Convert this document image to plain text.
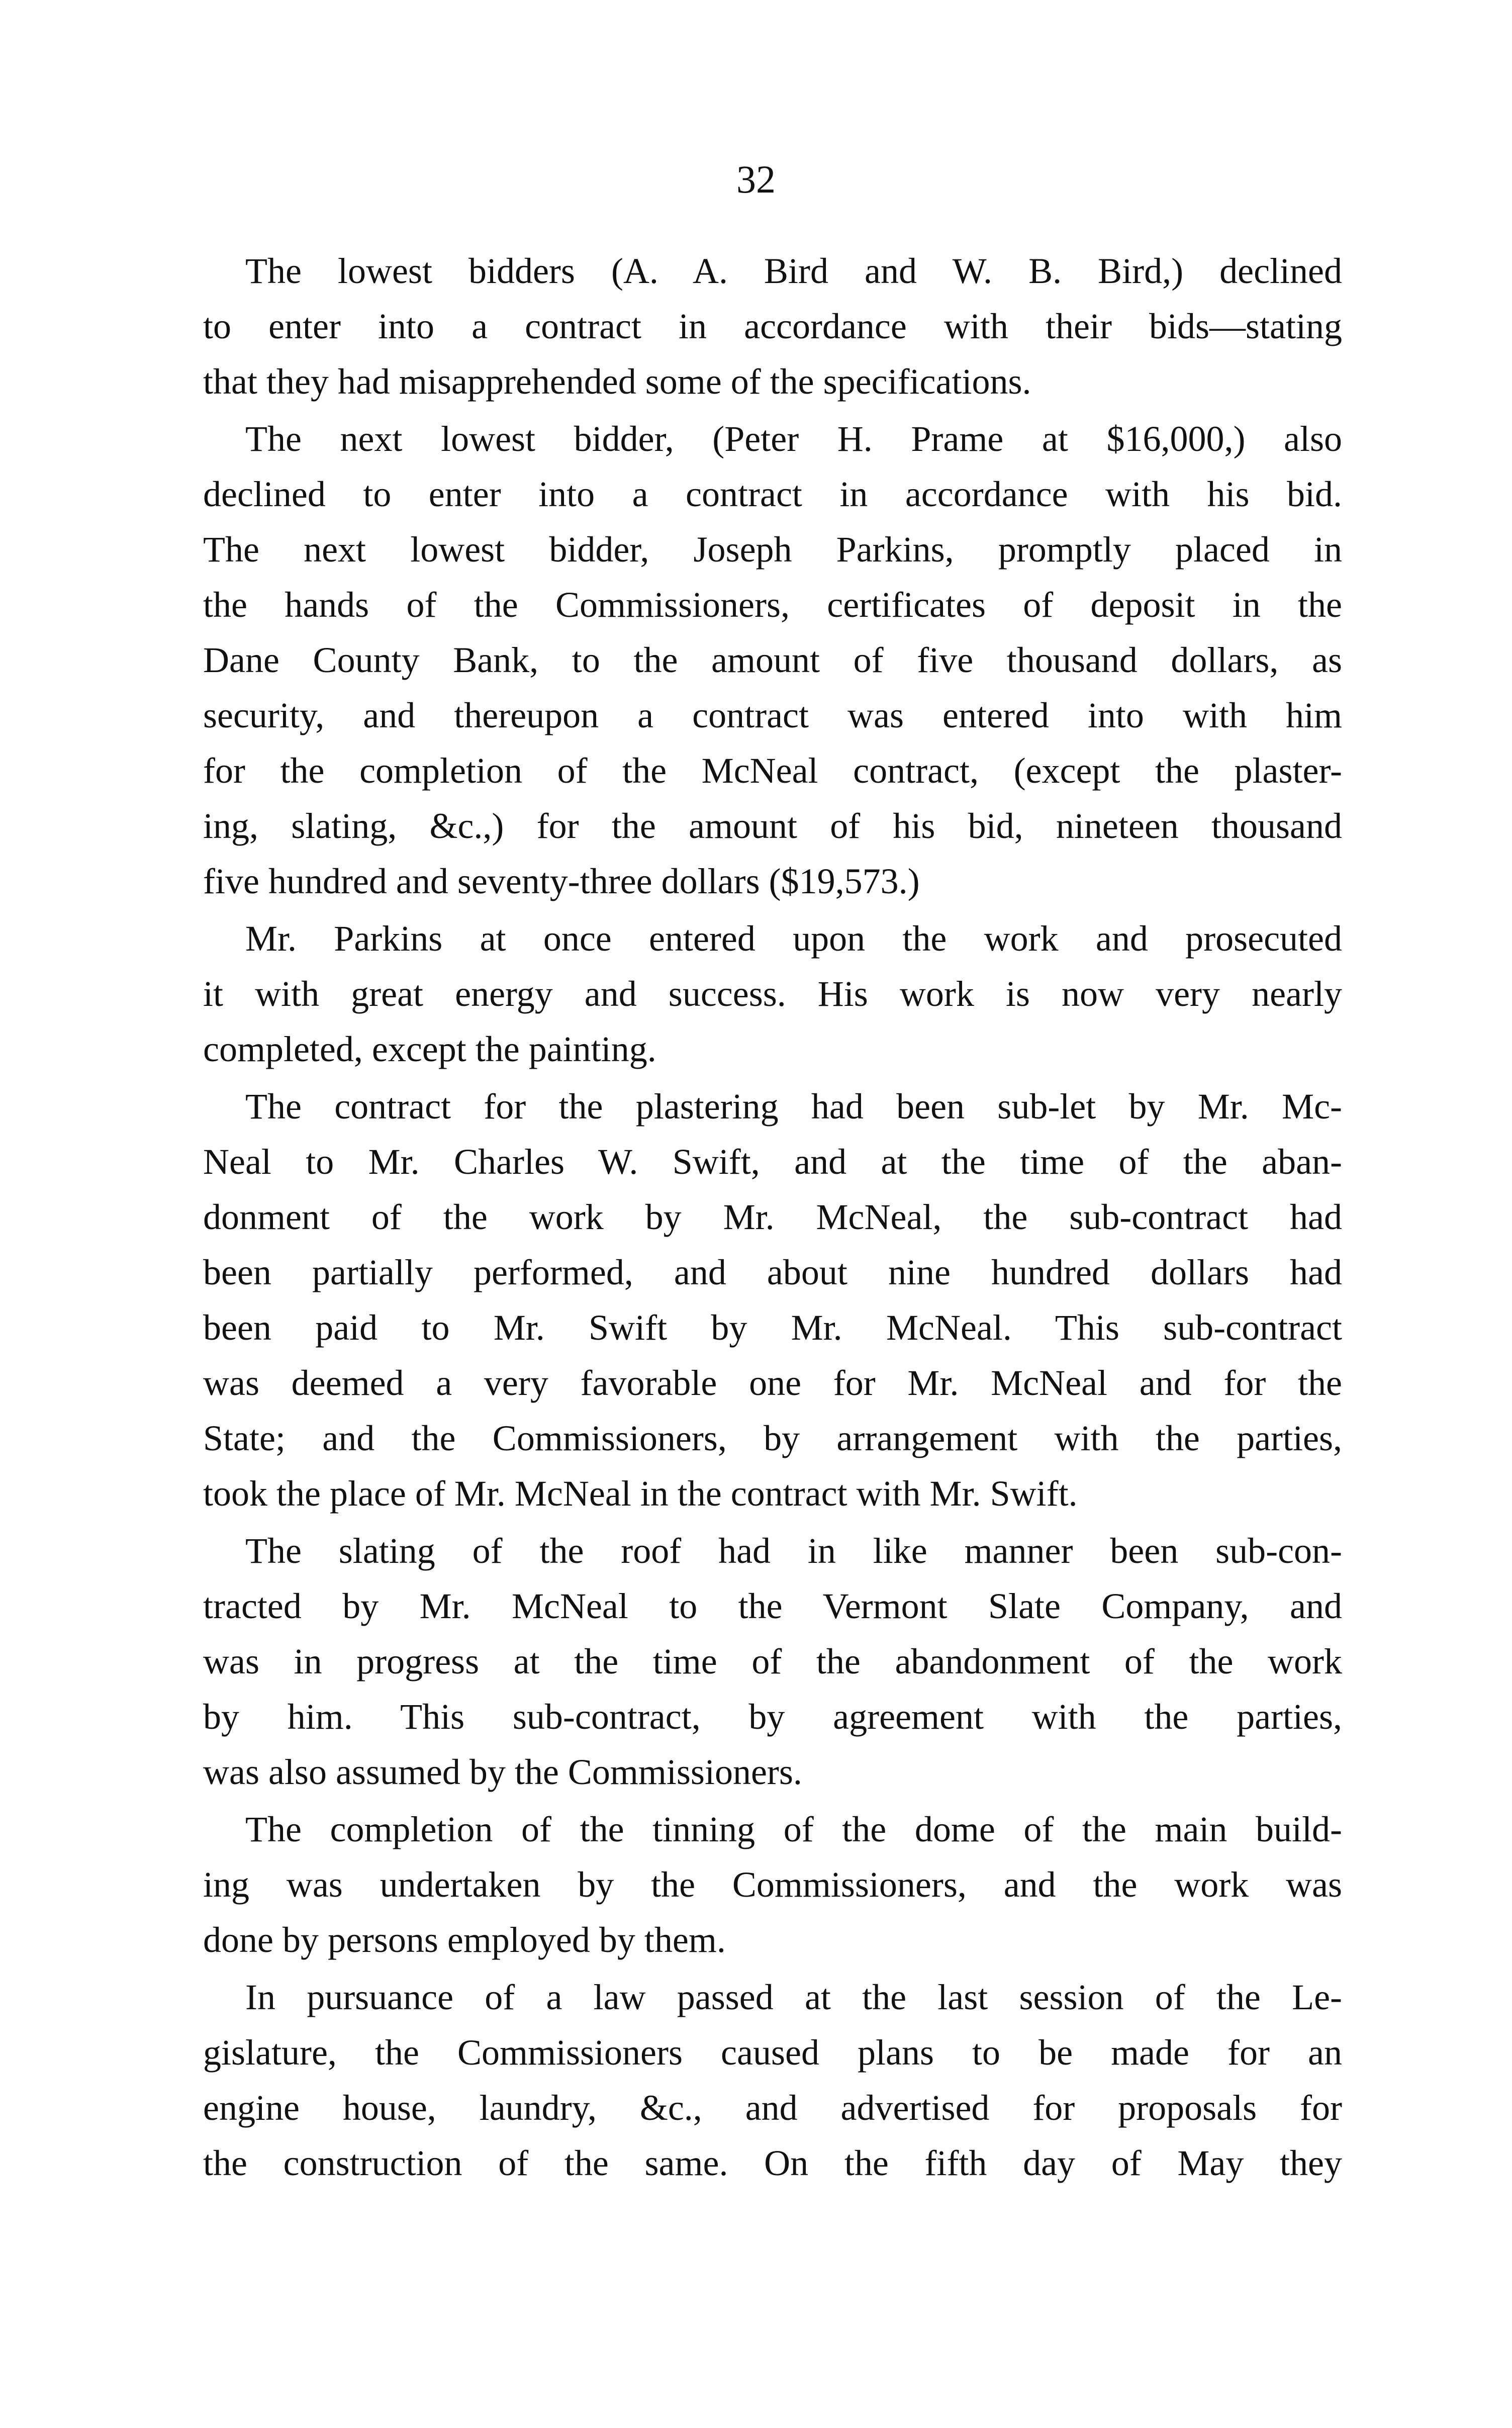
32
The lowest bidders (A. A. Bird and W. B. Bird,) declined
to enter into a contract in accordance with their bids—stating
that they had misapprehended some of the specifications.
The next lowest bidder, (Peter H. Prame at $16,000,) also
declined to enter into a contract in accordance with his bid.
The next lowest bidder, Joseph Parkins, promptly placed in
the hands of the Commissioners, certificates of deposit in the
Dane County Bank, to the amount of five thousand dollars, as
security, and thereupon a contract was entered into with him
for the completion of the McNeal contract, (except the plaster-
ing, slating, &c.,) for the amount of his bid, nineteen thousand
five hundred and seventy-three dollars ($19,573.)
Mr. Parkins at once entered upon the work and prosecuted
it with great energy and success. His work is now very nearly
completed, except the painting.
The contract for the plastering had been sub-let by Mr. Mc-
Neal to Mr. Charles W. Swift, and at the time of the aban-
donment of the work by Mr. McNeal, the sub-contract had
been partially performed, and about nine hundred dollars had
been paid to Mr. Swift by Mr. McNeal. This sub-contract
was deemed a very favorable one for Mr. McNeal and for the
State; and the Commissioners, by arrangement with the parties,
took the place of Mr. McNeal in the contract with Mr. Swift.
The slating of the roof had in like manner been sub-con-
tracted by Mr. McNeal to the Vermont Slate Company, and
was in progress at the time of the abandonment of the work
by him. This sub-contract, by agreement with the parties,
was also assumed by the Commissioners.
The completion of the tinning of the dome of the main build-
ing was undertaken by the Commissioners, and the work was
done by persons employed by them.
In pursuance of a law passed at the last session of the Le-
gislature, the Commissioners caused plans to be made for an
engine house, laundry, &c., and advertised for proposals for
the construction of the same. On the fifth day of May they
